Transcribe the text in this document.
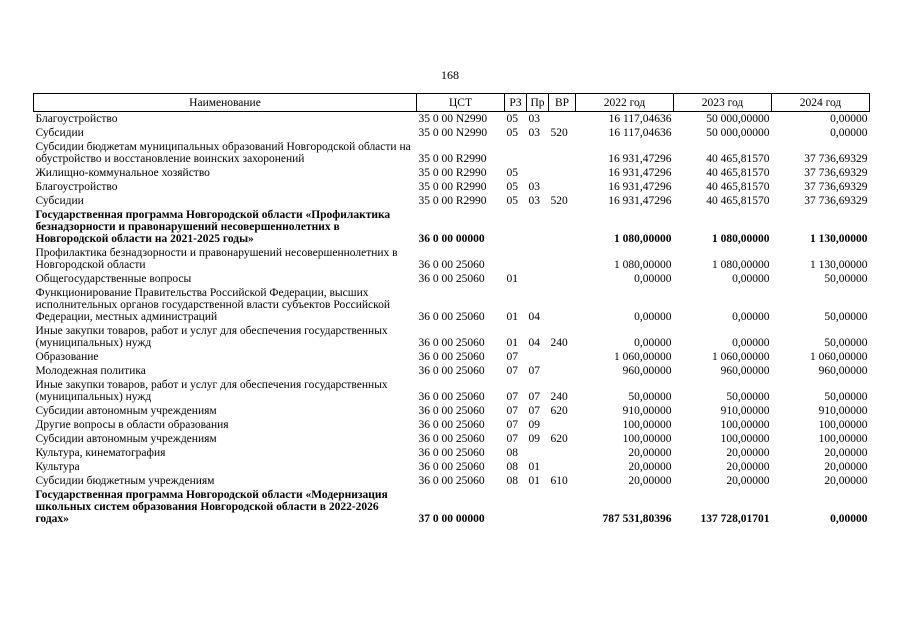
168
Наименование	ЦСТ	РЗ	Пр	ВР	2022 год	2023 год	2024 год
Благоустройство	35 0 00 N2990	05	03		16 117,04636	50 000,00000	0,00000
Субсидии	35 0 00 N2990	05	03	520	16 117,04636	50 000,00000	0,00000
Субсидии бюджетам муниципальных образований Новгородской области на обустройство и восстановление воинских захоронений	35 0 00 R2990				16 931,47296	40 465,81570	37 736,69329
Жилищно-коммунальное хозяйство	35 0 00 R2990	05			16 931,47296	40 465,81570	37 736,69329
Благоустройство	35 0 00 R2990	05	03		16 931,47296	40 465,81570	37 736,69329
Субсидии	35 0 00 R2990	05	03	520	16 931,47296	40 465,81570	37 736,69329
Государственная программа Новгородской области «Профилактика безнадзорности и правонарушений несовершеннолетних в Новгородской области на 2021-2025 годы»	36 0 00 00000				1 080,00000	1 080,00000	1 130,00000
Профилактика безнадзорности и правонарушений несовершеннолетних в Новгородской области	36 0 00 25060				1 080,00000	1 080,00000	1 130,00000
Общегосударственные вопросы	36 0 00 25060	01			0,00000	0,00000	50,00000
Функционирование Правительства Российской Федерации, высших исполнительных органов государственной власти субъектов Российской Федерации, местных администраций	36 0 00 25060	01	04		0,00000	0,00000	50,00000
Иные закупки товаров, работ и услуг для обеспечения государственных (муниципальных) нужд	36 0 00 25060	01	04	240	0,00000	0,00000	50,00000
Образование	36 0 00 25060	07			1 060,00000	1 060,00000	1 060,00000
Молодежная политика	36 0 00 25060	07	07		960,00000	960,00000	960,00000
Иные закупки товаров, работ и услуг для обеспечения государственных (муниципальных) нужд	36 0 00 25060	07	07	240	50,00000	50,00000	50,00000
Субсидии автономным учреждениям	36 0 00 25060	07	07	620	910,00000	910,00000	910,00000
Другие вопросы в области образования	36 0 00 25060	07	09		100,00000	100,00000	100,00000
Субсидии автономным учреждениям	36 0 00 25060	07	09	620	100,00000	100,00000	100,00000
Культура, кинематография	36 0 00 25060	08			20,00000	20,00000	20,00000
Культура	36 0 00 25060	08	01		20,00000	20,00000	20,00000
Субсидии бюджетным учреждениям	36 0 00 25060	08	01	610	20,00000	20,00000	20,00000
Государственная программа Новгородской области «Модернизация школьных систем образования Новгородской области в 2022-2026 годах»	37 0 00 00000				787 531,80396	137 728,01701	0,00000
